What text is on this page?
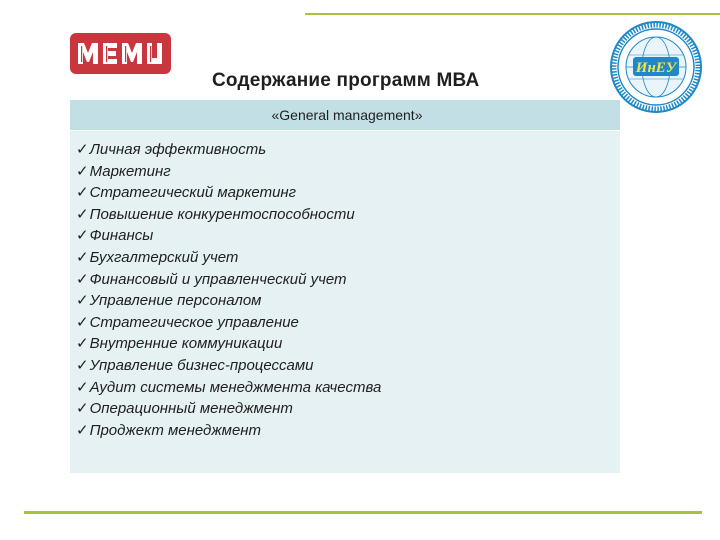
ИнЕУ
Содержание программ МВА
«General management»
✓Личная эффективность
✓Маркетинг
✓Стратегический маркетинг
✓Повышение конкурентоспособности
✓Финансы
✓Бухгалтерский учет
✓Финансовый и управленческий учет
✓Управление персоналом
✓Стратегическое управление
✓Внутренние коммуникации
✓Управление бизнес-процессами
✓Аудит системы менеджмента качества
✓Операционный менеджмент
✓Проджект менеджмент
